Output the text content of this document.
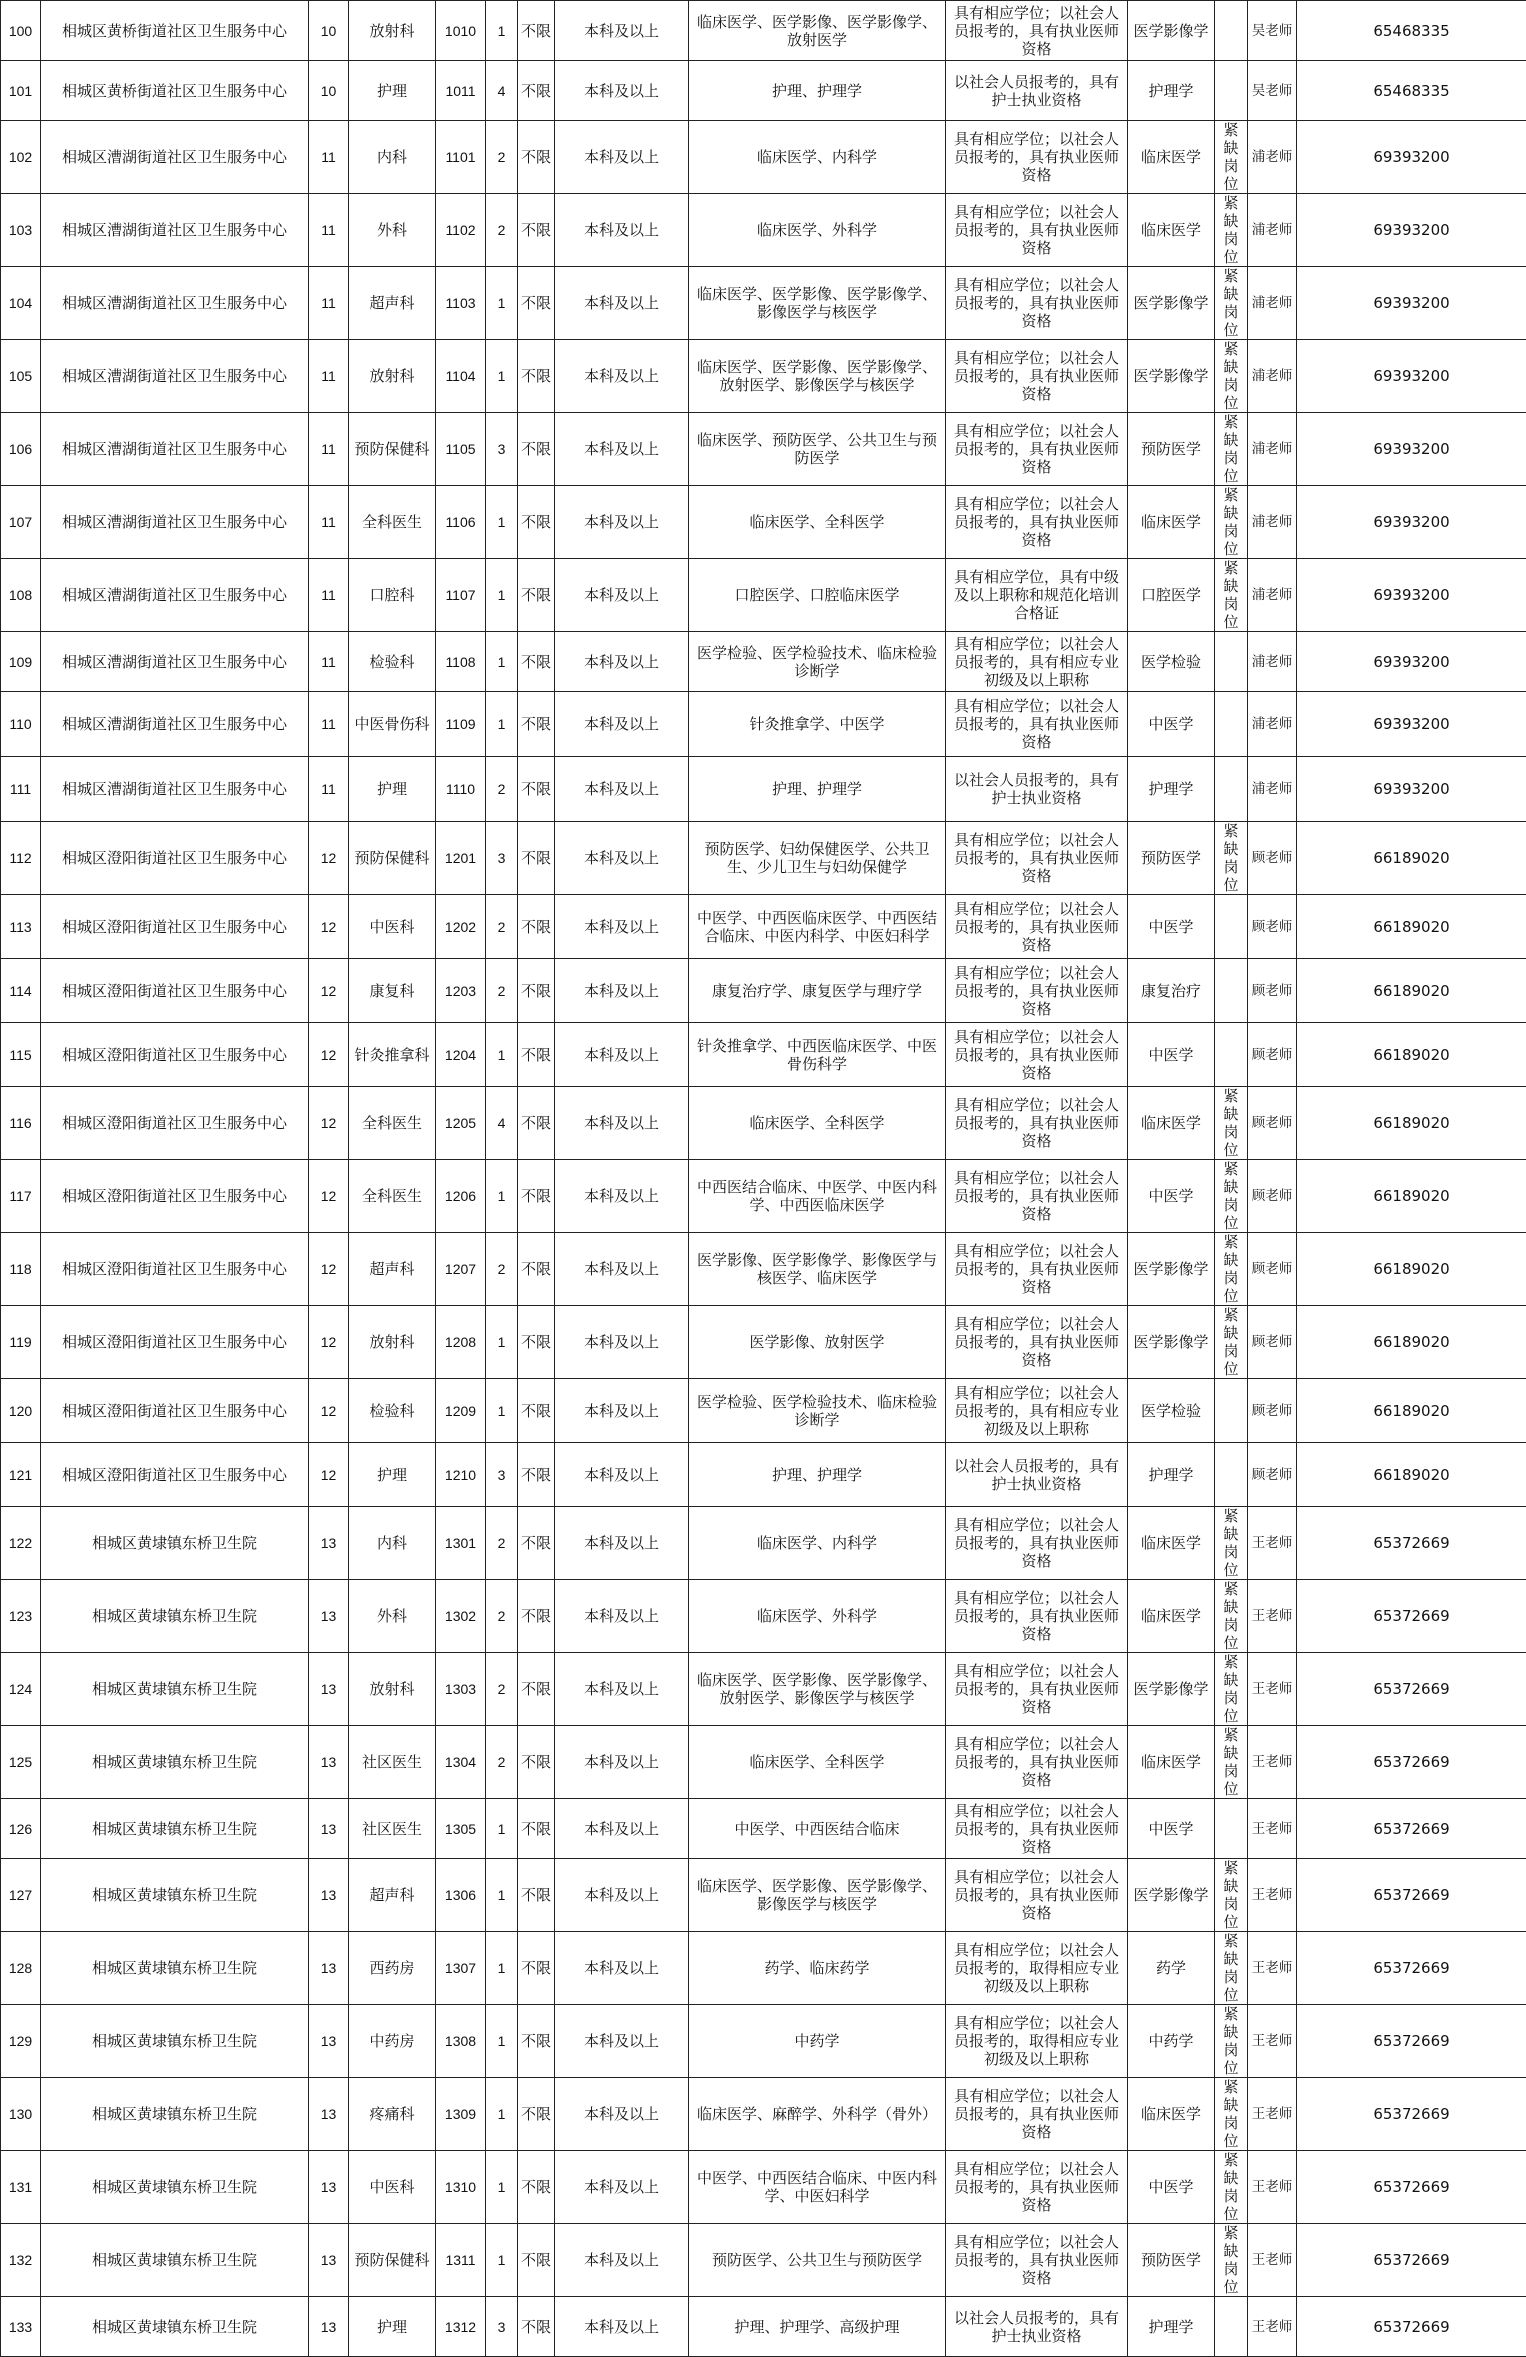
100	相城区黄桥街道社区卫生服务中心	10	放射科	1010	1	不限	本科及以上	临床医学、医学影像、医学影像学、放射医学	具有相应学位；以社会人员报考的，具有执业医师资格	医学影像学		吴老师	65468335
101	相城区黄桥街道社区卫生服务中心	10	护理	1011	4	不限	本科及以上	护理、护理学	以社会人员报考的，具有护士执业资格	护理学		吴老师	65468335
102	相城区漕湖街道社区卫生服务中心	11	内科	1101	2	不限	本科及以上	临床医学、内科学	具有相应学位；以社会人员报考的，具有执业医师资格	临床医学	紧缺岗位	浦老师	69393200
103	相城区漕湖街道社区卫生服务中心	11	外科	1102	2	不限	本科及以上	临床医学、外科学	具有相应学位；以社会人员报考的，具有执业医师资格	临床医学	紧缺岗位	浦老师	69393200
104	相城区漕湖街道社区卫生服务中心	11	超声科	1103	1	不限	本科及以上	临床医学、医学影像、医学影像学、影像医学与核医学	具有相应学位；以社会人员报考的，具有执业医师资格	医学影像学	紧缺岗位	浦老师	69393200
105	相城区漕湖街道社区卫生服务中心	11	放射科	1104	1	不限	本科及以上	临床医学、医学影像、医学影像学、放射医学、影像医学与核医学	具有相应学位；以社会人员报考的，具有执业医师资格	医学影像学	紧缺岗位	浦老师	69393200
106	相城区漕湖街道社区卫生服务中心	11	预防保健科	1105	3	不限	本科及以上	临床医学、预防医学、公共卫生与预防医学	具有相应学位；以社会人员报考的，具有执业医师资格	预防医学	紧缺岗位	浦老师	69393200
107	相城区漕湖街道社区卫生服务中心	11	全科医生	1106	1	不限	本科及以上	临床医学、全科医学	具有相应学位；以社会人员报考的，具有执业医师资格	临床医学	紧缺岗位	浦老师	69393200
108	相城区漕湖街道社区卫生服务中心	11	口腔科	1107	1	不限	本科及以上	口腔医学、口腔临床医学	具有相应学位，具有中级及以上职称和规范化培训合格证	口腔医学	紧缺岗位	浦老师	69393200
109	相城区漕湖街道社区卫生服务中心	11	检验科	1108	1	不限	本科及以上	医学检验、医学检验技术、临床检验诊断学	具有相应学位；以社会人员报考的，具有相应专业初级及以上职称	医学检验		浦老师	69393200
110	相城区漕湖街道社区卫生服务中心	11	中医骨伤科	1109	1	不限	本科及以上	针灸推拿学、中医学	具有相应学位；以社会人员报考的，具有执业医师资格	中医学		浦老师	69393200
111	相城区漕湖街道社区卫生服务中心	11	护理	1110	2	不限	本科及以上	护理、护理学	以社会人员报考的，具有护士执业资格	护理学		浦老师	69393200
112	相城区澄阳街道社区卫生服务中心	12	预防保健科	1201	3	不限	本科及以上	预防医学、妇幼保健医学、公共卫生、少儿卫生与妇幼保健学	具有相应学位；以社会人员报考的，具有执业医师资格	预防医学	紧缺岗位	顾老师	66189020
113	相城区澄阳街道社区卫生服务中心	12	中医科	1202	2	不限	本科及以上	中医学、中西医临床医学、中西医结合临床、中医内科学、中医妇科学	具有相应学位；以社会人员报考的，具有执业医师资格	中医学		顾老师	66189020
114	相城区澄阳街道社区卫生服务中心	12	康复科	1203	2	不限	本科及以上	康复治疗学、康复医学与理疗学	具有相应学位；以社会人员报考的，具有执业医师资格	康复治疗		顾老师	66189020
115	相城区澄阳街道社区卫生服务中心	12	针灸推拿科	1204	1	不限	本科及以上	针灸推拿学、中西医临床医学、中医骨伤科学	具有相应学位；以社会人员报考的，具有执业医师资格	中医学		顾老师	66189020
116	相城区澄阳街道社区卫生服务中心	12	全科医生	1205	4	不限	本科及以上	临床医学、全科医学	具有相应学位；以社会人员报考的，具有执业医师资格	临床医学	紧缺岗位	顾老师	66189020
117	相城区澄阳街道社区卫生服务中心	12	全科医生	1206	1	不限	本科及以上	中西医结合临床、中医学、中医内科学、中西医临床医学	具有相应学位；以社会人员报考的，具有执业医师资格	中医学	紧缺岗位	顾老师	66189020
118	相城区澄阳街道社区卫生服务中心	12	超声科	1207	2	不限	本科及以上	医学影像、医学影像学、影像医学与核医学、临床医学	具有相应学位；以社会人员报考的，具有执业医师资格	医学影像学	紧缺岗位	顾老师	66189020
119	相城区澄阳街道社区卫生服务中心	12	放射科	1208	1	不限	本科及以上	医学影像、放射医学	具有相应学位；以社会人员报考的，具有执业医师资格	医学影像学	紧缺岗位	顾老师	66189020
120	相城区澄阳街道社区卫生服务中心	12	检验科	1209	1	不限	本科及以上	医学检验、医学检验技术、临床检验诊断学	具有相应学位；以社会人员报考的，具有相应专业初级及以上职称	医学检验		顾老师	66189020
121	相城区澄阳街道社区卫生服务中心	12	护理	1210	3	不限	本科及以上	护理、护理学	以社会人员报考的，具有护士执业资格	护理学		顾老师	66189020
122	相城区黄埭镇东桥卫生院	13	内科	1301	2	不限	本科及以上	临床医学、内科学	具有相应学位；以社会人员报考的，具有执业医师资格	临床医学	紧缺岗位	王老师	65372669
123	相城区黄埭镇东桥卫生院	13	外科	1302	2	不限	本科及以上	临床医学、外科学	具有相应学位；以社会人员报考的，具有执业医师资格	临床医学	紧缺岗位	王老师	65372669
124	相城区黄埭镇东桥卫生院	13	放射科	1303	2	不限	本科及以上	临床医学、医学影像、医学影像学、放射医学、影像医学与核医学	具有相应学位；以社会人员报考的，具有执业医师资格	医学影像学	紧缺岗位	王老师	65372669
125	相城区黄埭镇东桥卫生院	13	社区医生	1304	2	不限	本科及以上	临床医学、全科医学	具有相应学位；以社会人员报考的，具有执业医师资格	临床医学	紧缺岗位	王老师	65372669
126	相城区黄埭镇东桥卫生院	13	社区医生	1305	1	不限	本科及以上	中医学、中西医结合临床	具有相应学位；以社会人员报考的，具有执业医师资格	中医学		王老师	65372669
127	相城区黄埭镇东桥卫生院	13	超声科	1306	1	不限	本科及以上	临床医学、医学影像、医学影像学、影像医学与核医学	具有相应学位；以社会人员报考的，具有执业医师资格	医学影像学	紧缺岗位	王老师	65372669
128	相城区黄埭镇东桥卫生院	13	西药房	1307	1	不限	本科及以上	药学、临床药学	具有相应学位；以社会人员报考的，取得相应专业初级及以上职称	药学	紧缺岗位	王老师	65372669
129	相城区黄埭镇东桥卫生院	13	中药房	1308	1	不限	本科及以上	中药学	具有相应学位；以社会人员报考的，取得相应专业初级及以上职称	中药学	紧缺岗位	王老师	65372669
130	相城区黄埭镇东桥卫生院	13	疼痛科	1309	1	不限	本科及以上	临床医学、麻醉学、外科学（骨外）	具有相应学位；以社会人员报考的，具有执业医师资格	临床医学	紧缺岗位	王老师	65372669
131	相城区黄埭镇东桥卫生院	13	中医科	1310	1	不限	本科及以上	中医学、中西医结合临床、中医内科学、中医妇科学	具有相应学位；以社会人员报考的，具有执业医师资格	中医学	紧缺岗位	王老师	65372669
132	相城区黄埭镇东桥卫生院	13	预防保健科	1311	1	不限	本科及以上	预防医学、公共卫生与预防医学	具有相应学位；以社会人员报考的，具有执业医师资格	预防医学	紧缺岗位	王老师	65372669
133	相城区黄埭镇东桥卫生院	13	护理	1312	3	不限	本科及以上	护理、护理学、高级护理	以社会人员报考的，具有护士执业资格	护理学		王老师	65372669
